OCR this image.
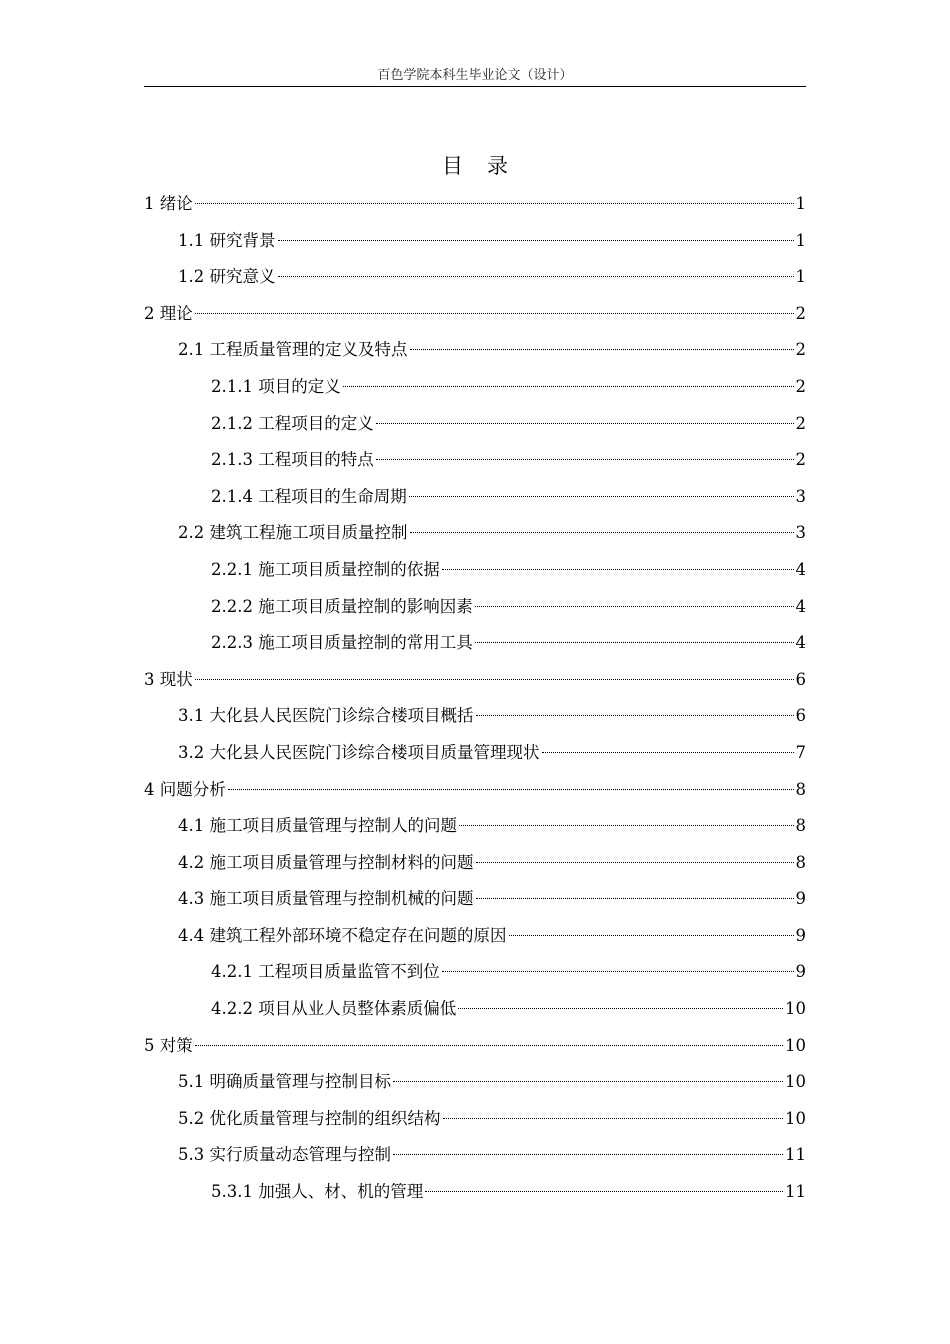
百色学院本科生毕业论文（设计）
目录
1 绪论	1
1.1 研究背景	1
1.2 研究意义	1
2 理论	2
2.1 工程质量管理的定义及特点	2
2.1.1 项目的定义	2
2.1.2 工程项目的定义	2
2.1.3 工程项目的特点	2
2.1.4 工程项目的生命周期	3
2.2 建筑工程施工项目质量控制	3
2.2.1 施工项目质量控制的依据	4
2.2.2 施工项目质量控制的影响因素	4
2.2.3 施工项目质量控制的常用工具	4
3 现状	6
3.1 大化县人民医院门诊综合楼项目概括	6
3.2 大化县人民医院门诊综合楼项目质量管理现状	7
4 问题分析	8
4.1 施工项目质量管理与控制人的问题	8
4.2 施工项目质量管理与控制材料的问题	8
4.3 施工项目质量管理与控制机械的问题	9
4.4 建筑工程外部环境不稳定存在问题的原因	9
4.2.1 工程项目质量监管不到位	9
4.2.2 项目从业人员整体素质偏低	10
5 对策	10
5.1 明确质量管理与控制目标	10
5.2 优化质量管理与控制的组织结构	10
5.3 实行质量动态管理与控制	11
5.3.1 加强人、材、机的管理	11
